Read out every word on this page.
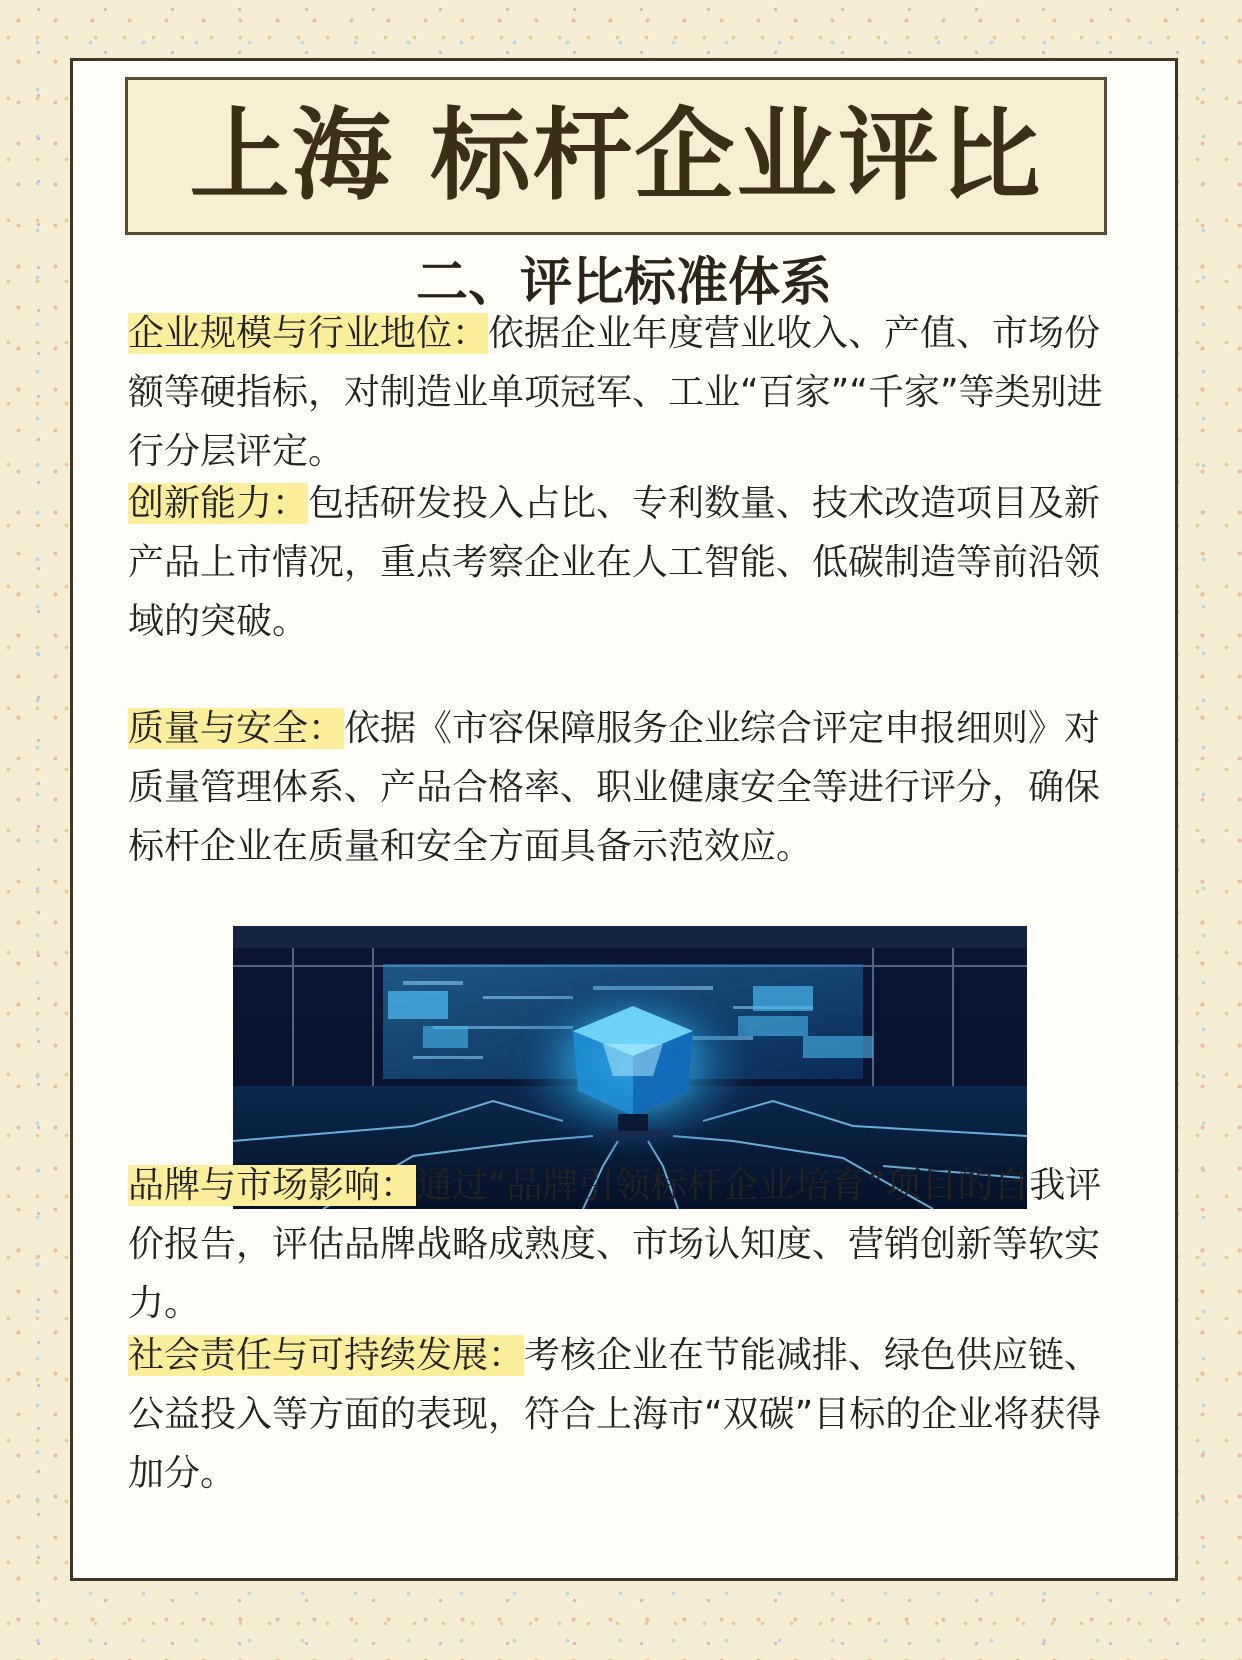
上海 标杆企业评比
二、评比标准体系

企业规模与行业地位：依据企业年度营业收入、产值、市场份额等硬指标，对制造业单项冠军、工业“百家”“千家”等类别进行分层评定。

创新能力：包括研发投入占比、专利数量、技术改造项目及新产品上市情况，重点考察企业在人工智能、低碳制造等前沿领域的突破。

质量与安全：依据《市容保障服务企业综合评定申报细则》对质量管理体系、产品合格率、职业健康安全等进行评分，确保标杆企业在质量和安全方面具备示范效应。

品牌与市场影响：通过“品牌引领标杆企业培育”项目的自我评价报告，评估品牌战略成熟度、市场认知度、营销创新等软实力。

社会责任与可持续发展：考核企业在节能减排、绿色供应链、公益投入等方面的表现，符合上海市“双碳”目标的企业将获得加分。
